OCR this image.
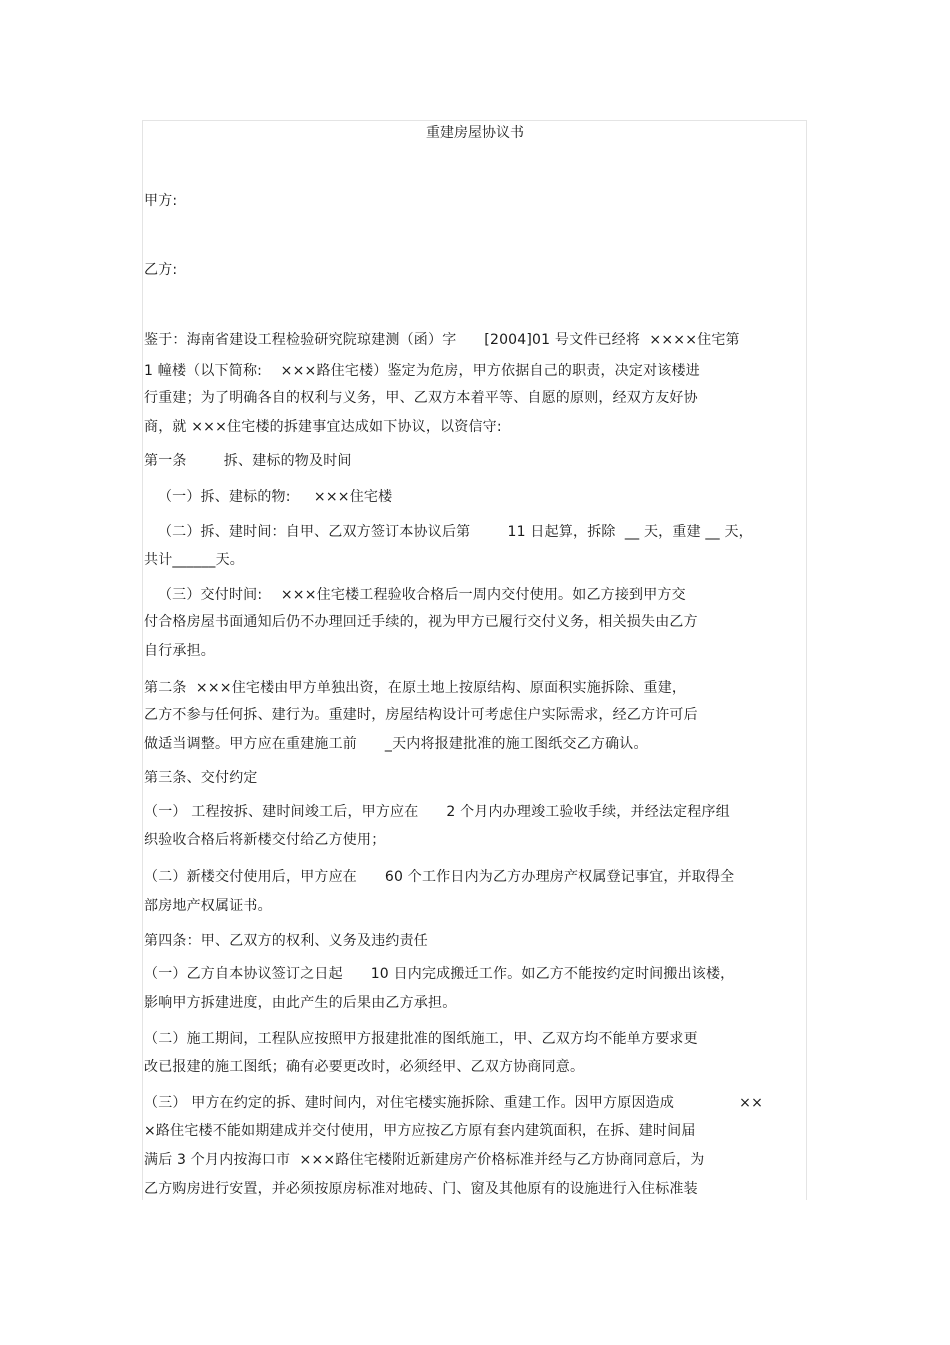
重建房屋协议书
甲方:
乙方:
鉴于：海南省建设工程检验研究院琼建测（函）字      [2004]01 号文件已经将  ××××住宅第
1 幢楼（以下简称:    ×××路住宅楼）鉴定为危房，甲方依据自己的职责，决定对该楼进
行重建；为了明确各自的权利与义务，甲、乙双方本着平等、自愿的原则，经双方友好协
商，就 ×××住宅楼的拆建事宜达成如下协议，以资信守:
第一条        拆、建标的物及时间
（一）拆、建标的物:     ×××住宅楼
（二）拆、建时间：自甲、乙双方签订本协议后第        11 日起算，拆除  __ 天，重建 __ 天，
共计______天。
（三）交付时间:    ×××住宅楼工程验收合格后一周内交付使用。如乙方接到甲方交
付合格房屋书面通知后仍不办理回迁手续的，视为甲方已履行交付义务，相关损失由乙方
自行承担。
第二条  ×××住宅楼由甲方单独出资，在原土地上按原结构、原面积实施拆除、重建，
乙方不参与任何拆、建行为。重建时，房屋结构设计可考虑住户实际需求，经乙方许可后
做适当调整。甲方应在重建施工前      _天内将报建批准的施工图纸交乙方确认。
第三条、交付约定
（一） 工程按拆、建时间竣工后，甲方应在      2 个月内办理竣工验收手续，并经法定程序组
织验收合格后将新楼交付给乙方使用；
（二）新楼交付使用后，甲方应在      60 个工作日内为乙方办理房产权属登记事宜，并取得全
部房地产权属证书。
第四条：甲、乙双方的权利、义务及违约责任
（一）乙方自本协议签订之日起      10 日内完成搬迁工作。如乙方不能按约定时间搬出该楼，
影响甲方拆建进度，由此产生的后果由乙方承担。
（二）施工期间，工程队应按照甲方报建批准的图纸施工，甲、乙双方均不能单方要求更
改已报建的施工图纸；确有必要更改时，必须经甲、乙双方协商同意。
（三） 甲方在约定的拆、建时间内，对住宅楼实施拆除、重建工作。因甲方原因造成              ××
×路住宅楼不能如期建成并交付使用，甲方应按乙方原有套内建筑面积，在拆、建时间届
满后 3 个月内按海口市  ×××路住宅楼附近新建房产价格标准并经与乙方协商同意后，为
乙方购房进行安置，并必须按原房标准对地砖、门、窗及其他原有的设施进行入住标准装
